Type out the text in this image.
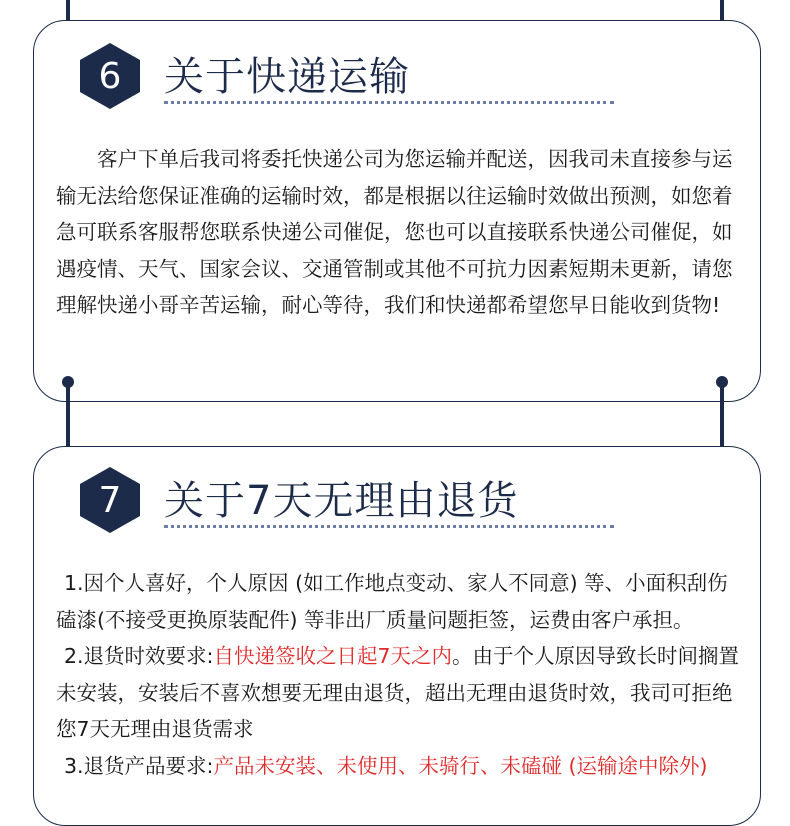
6	关于快递运输

客户下单后我司将委托快递公司为您运输并配送，因我司未直接参与运输无法给您保证准确的运输时效，都是根据以往运输时效做出预测，如您着急可联系客服帮您联系快递公司催促，您也可以直接联系快递公司催促，如遇疫情、天气、国家会议、交通管制或其他不可抗力因素短期未更新，请您理解快递小哥辛苦运输，耐心等待，我们和快递都希望您早日能收到货物!

7	关于7天无理由退货

1.因个人喜好，个人原因 (如工作地点变动、家人不同意) 等、小面积刮伤磕漆(不接受更换原装配件) 等非出厂质量问题拒签，运费由客户承担。

2.退货时效要求:自快递签收之日起7天之内。由于个人原因导致长时间搁置未安装，安装后不喜欢想要无理由退货，超出无理由退货时效，我司可拒绝您7天无理由退货需求

3.退货产品要求:产品未安装、未使用、未骑行、未磕碰 (运输途中除外)
